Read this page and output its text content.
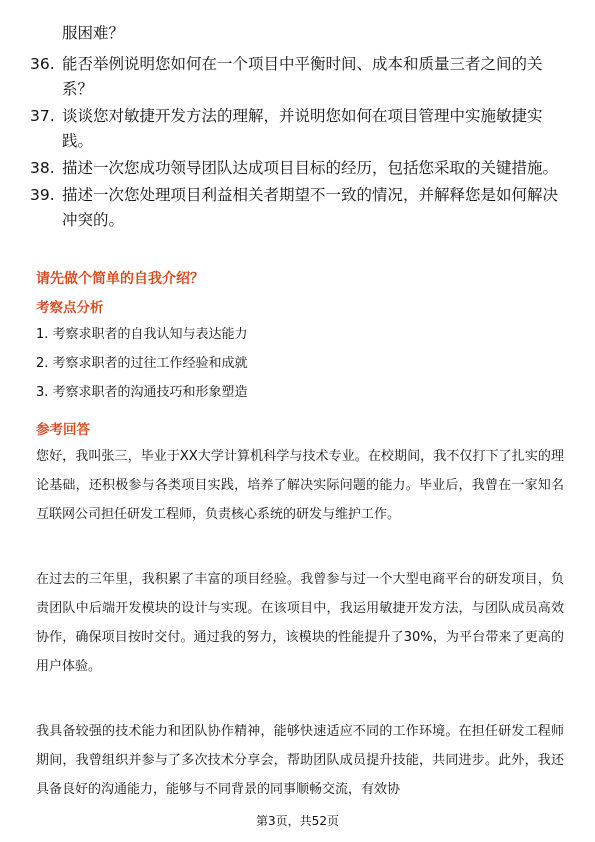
服困难？
36. 能否举例说明您如何在一个项目中平衡时间、成本和质量三者之间的关系？
37. 谈谈您对敏捷开发方法的理解，并说明您如何在项目管理中实施敏捷实践。
38. 描述一次您成功领导团队达成项目目标的经历，包括您采取的关键措施。
39. 描述一次您处理项目利益相关者期望不一致的情况，并解释您是如何解决冲突的。
请先做个简单的自我介绍？
考察点分析
1. 考察求职者的自我认知与表达能力
2. 考察求职者的过往工作经验和成就
3. 考察求职者的沟通技巧和形象塑造
参考回答

您好，我叫张三，毕业于XX大学计算机科学与技术专业。在校期间，我不仅打下了扎实的理论基础，还积极参与各类项目实践，培养了解决实际问题的能力。毕业后，我曾在一家知名互联网公司担任研发工程师，负责核心系统的研发与维护工作。

在过去的三年里，我积累了丰富的项目经验。我曾参与过一个大型电商平台的研发项目，负责团队中后端开发模块的设计与实现。在该项目中，我运用敏捷开发方法，与团队成员高效协作，确保项目按时交付。通过我的努力，该模块的性能提升了30%，为平台带来了更高的用户体验。

我具备较强的技术能力和团队协作精神，能够快速适应不同的工作环境。在担任研发工程师期间，我曾组织并参与了多次技术分享会，帮助团队成员提升技能，共同进步。此外，我还具备良好的沟通能力，能够与不同背景的同事顺畅交流，有效协

第3页，共52页
